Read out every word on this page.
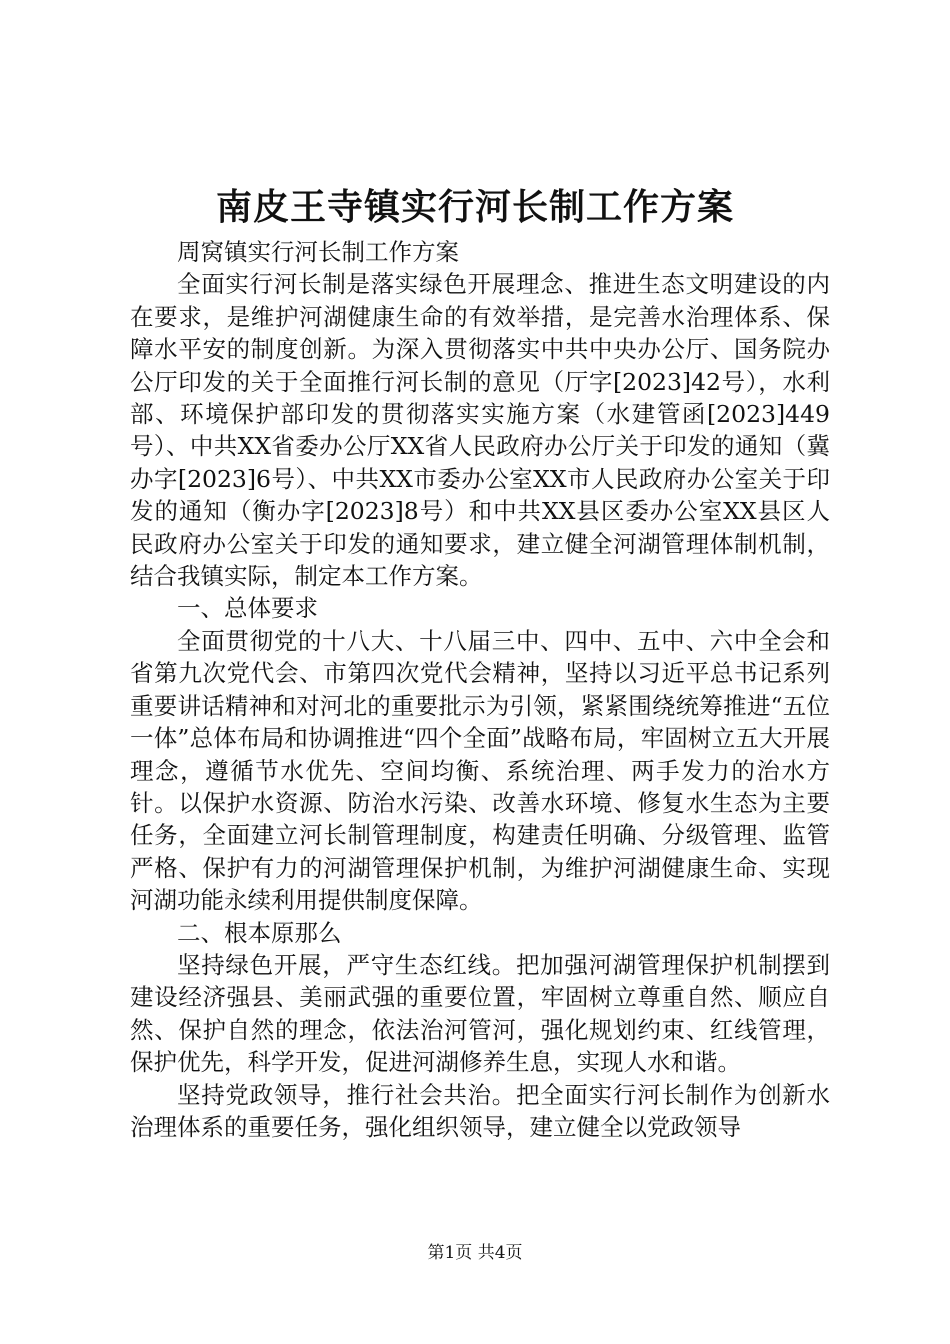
南皮王寺镇实行河长制工作方案

周窝镇实行河长制工作方案

全面实行河长制是落实绿色开展理念、推进生态文明建设的内在要求，是维护河湖健康生命的有效举措，是完善水治理体系、保障水平安的制度创新。为深入贯彻落实中共中央办公厅、国务院办公厅印发的关于全面推行河长制的意见（厅字[2023]42号），水利部、环境保护部印发的贯彻落实实施方案（水建管函[2023]449号）、中共XX省委办公厅XX省人民政府办公厅关于印发的通知（冀办字[2023]6号）、中共XX市委办公室XX市人民政府办公室关于印发的通知（衡办字[2023]8号）和中共XX县区委办公室XX县区人民政府办公室关于印发的通知要求，建立健全河湖管理体制机制，结合我镇实际，制定本工作方案。

一、总体要求

全面贯彻党的十八大、十八届三中、四中、五中、六中全会和省第九次党代会、市第四次党代会精神，坚持以习近平总书记系列重要讲话精神和对河北的重要批示为引领，紧紧围绕统筹推进“五位一体”总体布局和协调推进“四个全面”战略布局，牢固树立五大开展理念，遵循节水优先、空间均衡、系统治理、两手发力的治水方针。以保护水资源、防治水污染、改善水环境、修复水生态为主要任务，全面建立河长制管理制度，构建责任明确、分级管理、监管严格、保护有力的河湖管理保护机制，为维护河湖健康生命、实现河湖功能永续利用提供制度保障。

二、根本原那么

坚持绿色开展，严守生态红线。把加强河湖管理保护机制摆到建设经济强县、美丽武强的重要位置，牢固树立尊重自然、顺应自然、保护自然的理念，依法治河管河，强化规划约束、红线管理，保护优先，科学开发，促进河湖修养生息，实现人水和谐。

坚持党政领导，推行社会共治。把全面实行河长制作为创新水治理体系的重要任务，强化组织领导，建立健全以党政领导

第1页 共4页
